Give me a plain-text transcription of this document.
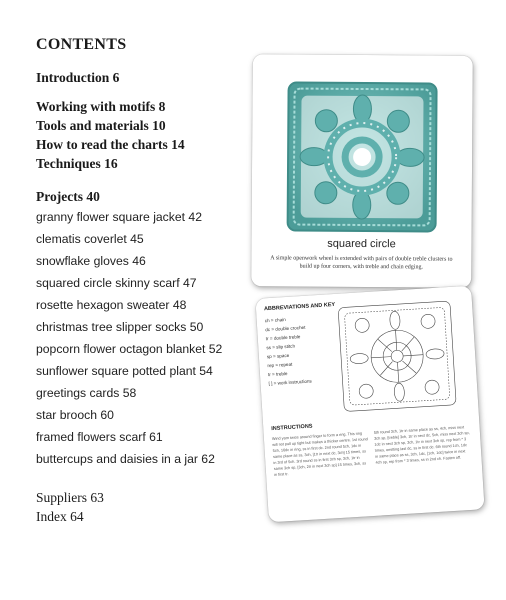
CONTENTS
Introduction 6
Working with motifs 8
Tools and materials 10
How to read the charts 14
Techniques 16
Projects 40
granny flower square jacket 42
clematis coverlet 45
snowflake gloves 46
squared circle skinny scarf 47
rosette hexagon sweater 48
christmas tree slipper socks 50
popcorn flower octagon blanket 52
sunflower square potted plant 54
greetings cards 58
star brooch 60
framed flowers scarf 61
buttercups and daisies in a jar 62
Suppliers 63
Index 64
squared circle
A simple openwork wheel is extended with pairs of double treble clusters to build up four corners, with treble and chain edging.
ABBREVIATIONS AND KEY
ch = chain
dc = double crochet
tr = double treble
ss = slip stitch
sp = space
rep = repeat
tr = treble
[ ] = work instructions
INSTRUCTIONS
Wind yarn twice around finger to form a ring. This ring will not pull up tight but makes a thicker centre. 1st round 5ch, 16dc in ring, ss in first dc. 2nd round 5ch, 1dc in same place as ss, 3ch, [1tr in next dc, 3ch] 15 times, ss in 3rd of 5ch. 3rd round ss in first 3ch sp, 3ch, 1tr in same 3ch sp, [3ch, 2tr in next 3ch sp] 15 times, 3ch, ss in first tr.
5th round 3ch, 1tr in same place as ss, 4ch, miss next 3ch sp, [treble] 3ch, 1tr in next dc, 5ch, miss next 3ch sp, 1dc in next 3ch sp, 3ch, 1tr in next 3ch sp, rep from * 3 times, omitting last dc, ss in first dc. 6th round 1ch, 1dc in same place as ss, 3ch, 1dc, [1ch, 1dc] twice in next 4ch sp, rep from * 3 times, ss in 2nd ch. Fasten off.
